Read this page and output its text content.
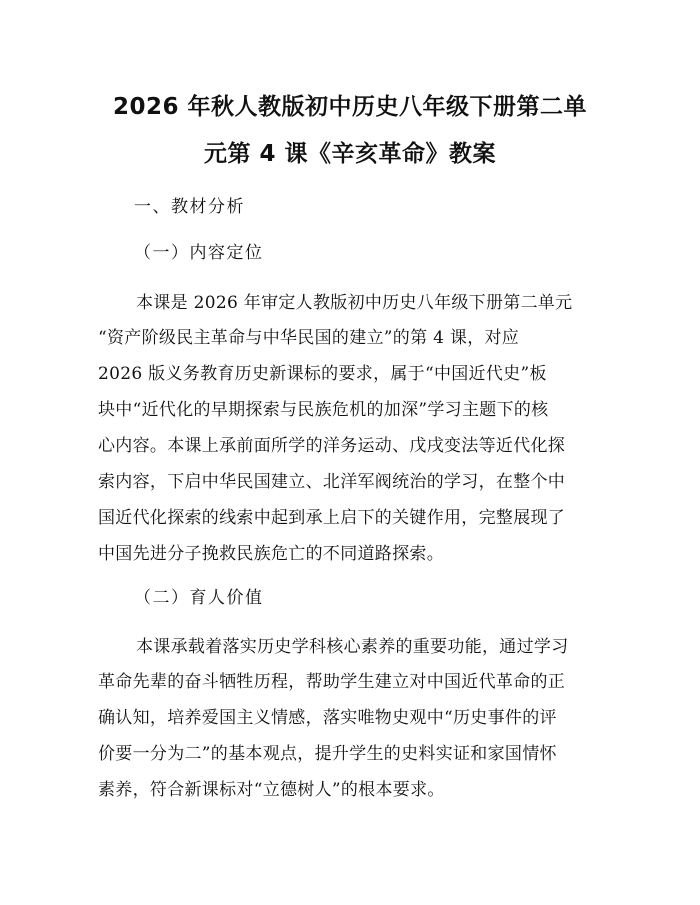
2026 年秋人教版初中历史八年级下册第二单
元第 4 课《辛亥革命》教案
一、教材分析
（一）内容定位
本课是 2026 年审定人教版初中历史八年级下册第二单元
“资产阶级民主革命与中华民国的建立”的第 4 课，对应
2026 版义务教育历史新课标的要求，属于“中国近代史”板
块中“近代化的早期探索与民族危机的加深”学习主题下的核
心内容。本课上承前面所学的洋务运动、戊戌变法等近代化探
索内容，下启中华民国建立、北洋军阀统治的学习，在整个中
国近代化探索的线索中起到承上启下的关键作用，完整展现了
中国先进分子挽救民族危亡的不同道路探索。
（二）育人价值
本课承载着落实历史学科核心素养的重要功能，通过学习
革命先辈的奋斗牺牲历程，帮助学生建立对中国近代革命的正
确认知，培养爱国主义情感，落实唯物史观中“历史事件的评
价要一分为二”的基本观点，提升学生的史料实证和家国情怀
素养，符合新课标对“立德树人”的根本要求。
